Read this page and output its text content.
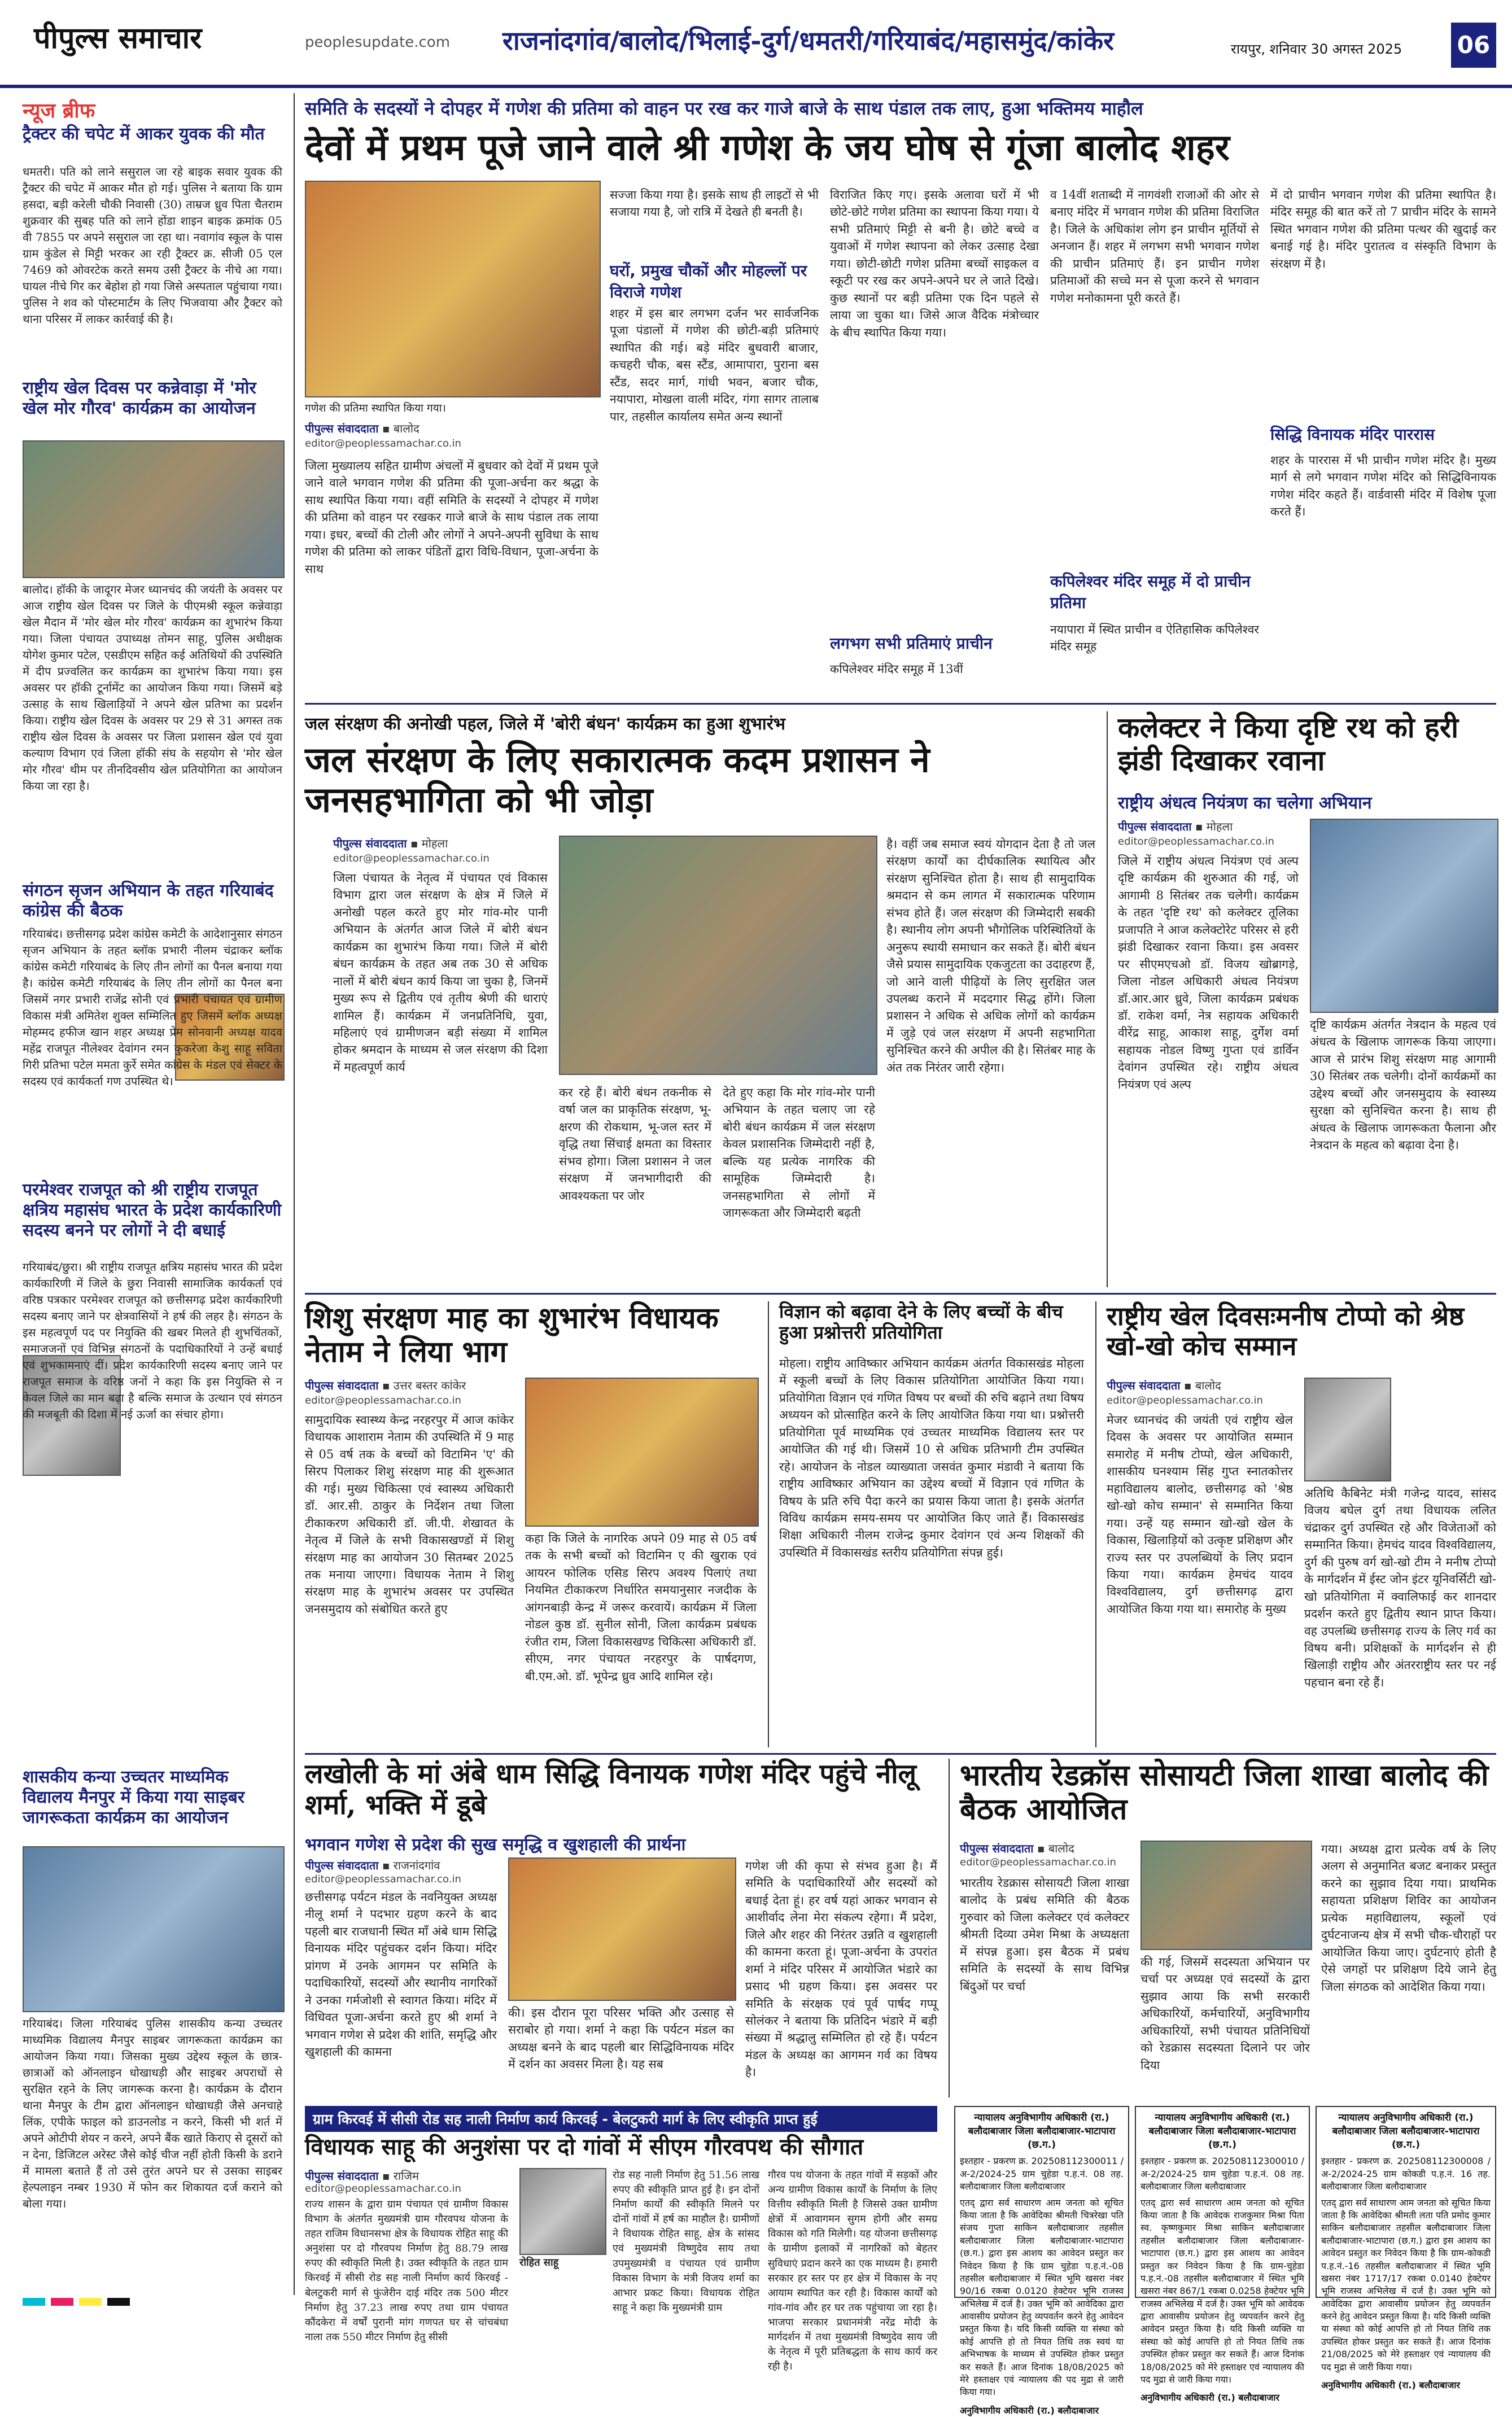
पीपुल्स समाचार	peoplesupdate.com राजनांदगांव/बालोद/भिलाई-दुर्ग/धमतरी/गरियाबंद/महासमुंद/कांकेर	रायपुर, शनिवार 30 अगस्त 2025 06
न्यूज ब्रीफ
ट्रैक्टर की चपेट में आकर युवक की मौत
धमतरी। पति को लाने ससुराल जा रहे बाइक सवार युवक की ट्रैक्टर की चपेट में आकर मौत हो गई। पुलिस ने बताया कि ग्राम हसदा, बड़ी करेली चौकी निवासी (30) ताम्रज ध्रुव पिता चैतराम शुक्रवार की सुबह पति को लाने होंडा शाइन बाइक क्रमांक 05 वी 7855 पर अपने ससुराल जा रहा था। नवागांव स्कूल के पास ग्राम कुंडेल से मिट्टी भरकर आ रही ट्रैक्टर क्र. सीजी 05 एल 7469 को ओवरटेक करते समय उसी ट्रैक्टर के नीचे आ गया। घायल नीचे गिर कर बेहोश हो गया जिसे अस्पताल पहुंचाया गया। पुलिस ने शव को पोस्टमार्टम के लिए भिजवाया और ट्रैक्टर को थाना परिसर में लाकर कार्रवाई की है।
राष्ट्रीय खेल दिवस पर कन्नेवाड़ा में 'मोर खेल मोर गौरव' कार्यक्रम का आयोजन
बालोद। हॉकी के जादूगर मेजर ध्यानचंद की जयंती के अवसर पर आज राष्ट्रीय खेल दिवस पर जिले के पीएमश्री स्कूल कन्नेवाड़ा खेल मैदान में 'मोर खेल मोर गौरव' कार्यक्रम का शुभारंभ किया गया। जिला पंचायत उपाध्यक्ष तोमन साहू, पुलिस अधीक्षक योगेश कुमार पटेल, एसडीएम सहित कई अतिथियों की उपस्थिति में दीप प्रज्वलित कर कार्यक्रम का शुभारंभ किया गया। इस अवसर पर हॉकी टूर्नामेंट का आयोजन किया गया। जिसमें बड़े उत्साह के साथ खिलाड़ियों ने अपने खेल प्रतिभा का प्रदर्शन किया। राष्ट्रीय खेल दिवस के अवसर पर 29 से 31 अगस्त तक राष्ट्रीय खेल दिवस के अवसर पर जिला प्रशासन खेल एवं युवा कल्याण विभाग एवं जिला हॉकी संघ के सहयोग से 'मोर खेल मोर गौरव' थीम पर तीनदिवसीय खेल प्रतियोगिता का आयोजन किया जा रहा है।
संगठन सृजन अभियान के तहत गरियाबंद कांग्रेस की बैठक
गरियाबंद। छत्तीसगढ़ प्रदेश कांग्रेस कमेटी के आदेशानुसार संगठन सृजन अभियान के तहत ब्लॉक प्रभारी नीलम चंद्राकर ब्लॉक कांग्रेस कमेटी गरियाबंद के लिए तीन लोगों का पैनल बनाया गया है। कांग्रेस कमेटी गरियाबंद के लिए तीन लोगों का पैनल बना जिसमें नगर प्रभारी राजेंद्र सोनी एवं प्रभारी पंचायत एवं ग्रामीण विकास मंत्री अमितेश शुक्ल सम्मिलित हुए जिसमें ब्लॉक अध्यक्ष मोहम्मद हफीज खान शहर अध्यक्ष प्रेम सोनवानी अध्यक्ष यादव महेंद्र राजपूत नीलेश्वर देवांगन रमन कुकरेजा केशु साहू सविता गिरी प्रतिभा पटेल ममता कुर्रे समेत कांग्रेस के मंडल एवं सेक्टर के सदस्य एवं कार्यकर्ता गण उपस्थित थे।
परमेश्वर राजपूत को श्री राष्ट्रीय राजपूत क्षत्रिय महासंघ भारत के प्रदेश कार्यकारिणी सदस्य बनने पर लोगों ने दी बधाई
गरियाबंद/छुरा। श्री राष्ट्रीय राजपूत क्षत्रिय महासंघ भारत की प्रदेश कार्यकारिणी में जिले के छुरा निवासी सामाजिक कार्यकर्ता एवं वरिष्ठ पत्रकार परमेश्वर राजपूत को छत्तीसगढ़ प्रदेश कार्यकारिणी सदस्य बनाए जाने पर क्षेत्रवासियों ने हर्ष की लहर है। संगठन के इस महत्वपूर्ण पद पर नियुक्ति की खबर मिलते ही शुभचिंतकों, समाजजनों एवं विभिन्न संगठनों के पदाधिकारियों ने उन्हें बधाई एवं शुभकामनाएं दीं। प्रदेश कार्यकारिणी सदस्य बनाए जाने पर राजपूत समाज के वरिष्ठ जनों ने कहा कि इस नियुक्ति से न केवल जिले का मान बढ़ा है बल्कि समाज के उत्थान एवं संगठन की मजबूती की दिशा में नई ऊर्जा का संचार होगा।
शासकीय कन्या उच्चतर माध्यमिक विद्यालय मैनपुर में किया गया साइबर जागरूकता कार्यक्रम का आयोजन
गरियाबंद। जिला गरियाबंद पुलिस शासकीय कन्या उच्चतर माध्यमिक विद्यालय मैनपुर साइबर जागरूकता कार्यक्रम का आयोजन किया गया। जिसका मुख्य उद्देश्य स्कूल के छात्र-छात्राओं को ऑनलाइन धोखाधड़ी और साइबर अपराधों से सुरक्षित रहने के लिए जागरूक करना है। कार्यक्रम के दौरान थाना मैनपुर के टीम द्वारा ऑनलाइन धोखाधड़ी जैसे अनचाहे लिंक, एपीके फाइल को डाउनलोड न करने, किसी भी शर्त में अपने ओटीपी शेयर न करने, अपने बैंक खाते किराए से दूसरों को न देना, डिजिटल अरेस्ट जैसे कोई चीज नहीं होती किसी के डराने में मामला बताते हैं तो उसे तुरंत अपने घर से उसका साइबर हेल्पलाइन नम्बर 1930 में फोन कर शिकायत दर्ज कराने को बोला गया।
समिति के सदस्यों ने दोपहर में गणेश की प्रतिमा को वाहन पर रख कर गाजे बाजे के साथ पंडाल तक लाए, हुआ भक्तिमय माहौल
देवों में प्रथम पूजे जाने वाले श्री गणेश के जय घोष से गूंजा बालोद शहर
गणेश की प्रतिमा स्थापित किया गया।
पीपुल्स संवाददाता ▪ बालोद
editor@peoplessamachar.co.in
जिला मुख्यालय सहित ग्रामीण अंचलों में बुधवार को देवों में प्रथम पूजे जाने वाले भगवान गणेश की प्रतिमा की पूजा-अर्चना कर श्रद्धा के साथ स्थापित किया गया। वहीं समिति के सदस्यों ने दोपहर में गणेश की प्रतिमा को वाहन पर रखकर गाजे बाजे के साथ पंडाल तक लाया गया। इधर, बच्चों की टोली और लोगों ने अपने-अपनी सुविधा के साथ गणेश की प्रतिमा को लाकर पंडितों द्वारा विधि-विधान, पूजा-अर्चना के साथ
सज्जा किया गया है। इसके साथ ही लाइटों से भी सजाया गया है, जो रात्रि में देखते ही बनती है।
घरों, प्रमुख चौकों और मोहल्लों पर विराजे गणेश
शहर में इस बार लगभग दर्जन भर सार्वजनिक पूजा पंडालों में गणेश की छोटी-बड़ी प्रतिमाएं स्थापित की गई। बड़े मंदिर बुधवारी बाजार, कचहरी चौक, बस स्टैंड, आमापारा, पुराना बस स्टैंड, सदर मार्ग, गांधी भवन, बजार चौक, नयापारा, मोखला वाली मंदिर, गंगा सागर तालाब पार, तहसील कार्यालय समेत अन्य स्थानों
विराजित किए गए। इसके अलावा घरों में भी छोटे-छोटे गणेश प्रतिमा का स्थापना किया गया। ये सभी प्रतिमाएं मिट्टी से बनी है। छोटे बच्चे व युवाओं में गणेश स्थापना को लेकर उत्साह देखा गया। छोटी-छोटी गणेश प्रतिमा बच्चों साइकल व स्कूटी पर रख कर अपने-अपने घर ले जाते दिखे। कुछ स्थानों पर बड़ी प्रतिमा एक दिन पहले से लाया जा चुका था। जिसे आज वैदिक मंत्रोच्चार के बीच स्थापित किया गया।
लगभग सभी प्रतिमाएं प्राचीन
कपिलेश्वर मंदिर समूह में 13वीं
व 14वीं शताब्दी में नागवंशी राजाओं की ओर से बनाए मंदिर में भगवान गणेश की प्रतिमा विराजित है। जिले के अधिकांश लोग इन प्राचीन मूर्तियों से अनजान हैं। शहर में लगभग सभी भगवान गणेश की प्राचीन प्रतिमाएं हैं। इन प्राचीन गणेश प्रतिमाओं की सच्चे मन से पूजा करने से भगवान गणेश मनोकामना पूरी करते हैं।
कपिलेश्वर मंदिर समूह में दो प्राचीन प्रतिमा
नयापारा में स्थित प्राचीन व ऐतिहासिक कपिलेश्वर मंदिर समूह
में दो प्राचीन भगवान गणेश की प्रतिमा स्थापित है। मंदिर समूह की बात करें तो 7 प्राचीन मंदिर के सामने स्थित भगवान गणेश की प्रतिमा पत्थर की खुदाई कर बनाई गई है। मंदिर पुरातत्व व संस्कृति विभाग के संरक्षण में है।
सिद्धि विनायक मंदिर पाररास
शहर के पाररास में भी प्राचीन गणेश मंदिर है। मुख्य मार्ग से लगे भगवान गणेश मंदिर को सिद्धिविनायक गणेश मंदिर कहते हैं। वार्डवासी मंदिर में विशेष पूजा करते हैं।
जल संरक्षण की अनोखी पहल, जिले में 'बोरी बंधन' कार्यक्रम का हुआ शुभारंभ
जल संरक्षण के लिए सकारात्मक कदम प्रशासन ने जनसहभागिता को भी जोड़ा
पीपुल्स संवाददाता ▪ मोहला
editor@peoplessamachar.co.in
जिला पंचायत के नेतृत्व में पंचायत एवं विकास विभाग द्वारा जल संरक्षण के क्षेत्र में जिले में अनोखी पहल करते हुए मोर गांव-मोर पानी अभियान के अंतर्गत आज जिले में बोरी बंधन कार्यक्रम का शुभारंभ किया गया। जिले में बोरी बंधन कार्यक्रम के तहत अब तक 30 से अधिक नालों में बोरी बंधन कार्य किया जा चुका है, जिनमें मुख्य रूप से द्वितीय एवं तृतीय श्रेणी की धाराएं शामिल हैं। कार्यक्रम में जनप्रतिनिधि, युवा, महिलाएं एवं ग्रामीणजन बड़ी संख्या में शामिल होकर श्रमदान के माध्यम से जल संरक्षण की दिशा में महत्वपूर्ण कार्य
कर रहे हैं। बोरी बंधन तकनीक से वर्षा जल का प्राकृतिक संरक्षण, भू-क्षरण की रोकथाम, भू-जल स्तर में वृद्धि तथा सिंचाई क्षमता का विस्तार संभव होगा। जिला प्रशासन ने जल संरक्षण में जनभागीदारी की आवश्यकता पर जोर
देते हुए कहा कि मोर गांव-मोर पानी अभियान के तहत चलाए जा रहे बोरी बंधन कार्यक्रम में जल संरक्षण केवल प्रशासनिक जिम्मेदारी नहीं है, बल्कि यह प्रत्येक नागरिक की सामूहिक जिम्मेदारी है। जनसहभागिता से लोगों में जागरूकता और जिम्मेदारी बढ़ती
है। वहीं जब समाज स्वयं योगदान देता है तो जल संरक्षण कार्यों का दीर्घकालिक स्थायित्व और संरक्षण सुनिश्चित होता है। साथ ही सामुदायिक श्रमदान से कम लागत में सकारात्मक परिणाम संभव होते हैं। जल संरक्षण की जिम्मेदारी सबकी है। स्थानीय लोग अपनी भौगोलिक परिस्थितियों के अनुरूप स्थायी समाधान कर सकते हैं। बोरी बंधन जैसे प्रयास सामुदायिक एकजुटता का उदाहरण हैं, जो आने वाली पीढ़ियों के लिए सुरक्षित जल उपलब्ध कराने में मददगार सिद्ध होंगे। जिला प्रशासन ने अधिक से अधिक लोगों को कार्यक्रम में जुड़े एवं जल संरक्षण में अपनी सहभागिता सुनिश्चित करने की अपील की है। सितंबर माह के अंत तक निरंतर जारी रहेगा।
कलेक्टर ने किया दृष्टि रथ को हरी झंडी दिखाकर रवाना
राष्ट्रीय अंधत्व नियंत्रण का चलेगा अभियान
पीपुल्स संवाददाता ▪ मोहला
editor@peoplessamachar.co.in
जिले में राष्ट्रीय अंधत्व नियंत्रण एवं अल्प दृष्टि कार्यक्रम की शुरुआत की गई, जो आगामी 8 सितंबर तक चलेगी। कार्यक्रम के तहत 'दृष्टि रथ' को कलेक्टर तूलिका प्रजापति ने आज कलेक्टोरेट परिसर से हरी झंडी दिखाकर रवाना किया। इस अवसर पर सीएमएचओ डॉ. विजय खोब्रागड़े, जिला नोडल अधिकारी अंधत्व नियंत्रण डॉ.आर.आर ध्रुवे, जिला कार्यक्रम प्रबंधक डॉ. राकेश वर्मा, नेत्र सहायक अधिकारी वीरेंद्र साहू, आकाश साहू, दुर्गेश वर्मा सहायक नोडल विष्णु गुप्ता एवं डार्विन देवांगन उपस्थित रहे। राष्ट्रीय अंधत्व नियंत्रण एवं अल्प
दृष्टि कार्यक्रम अंतर्गत नेत्रदान के महत्व एवं अंधत्व के खिलाफ जागरूक किया जाएगा। आज से प्रारंभ शिशु संरक्षण माह आगामी 30 सितंबर तक चलेगी। दोनों कार्यक्रमों का उद्देश्य बच्चों और जनसमुदाय के स्वास्थ्य सुरक्षा को सुनिश्चित करना है। साथ ही अंधत्व के खिलाफ जागरूकता फैलाना और नेत्रदान के महत्व को बढ़ावा देना है।
शिशु संरक्षण माह का शुभारंभ विधायक नेताम ने लिया भाग
पीपुल्स संवाददाता ▪ उत्तर बस्तर कांकेर
editor@peoplessamachar.co.in
सामुदायिक स्वास्थ्य केन्द्र नरहरपुर में आज कांकेर विधायक आशाराम नेताम की उपस्थिति में 9 माह से 05 वर्ष तक के बच्चों को विटामिन 'ए' की सिरप पिलाकर शिशु संरक्षण माह की शुरूआत की गई। मुख्य चिकित्सा एवं स्वास्थ्य अधिकारी डॉ. आर.सी. ठाकुर के निर्देशन तथा जिला टीकाकरण अधिकारी डॉ. जी.पी. शेखावत के नेतृत्व में जिले के सभी विकासखण्डों में शिशु संरक्षण माह का आयोजन 30 सितम्बर 2025 तक मनाया जाएगा। विधायक नेताम ने शिशु संरक्षण माह के शुभारंभ अवसर पर उपस्थित जनसमुदाय को संबोधित करते हुए
कहा कि जिले के नागरिक अपने 09 माह से 05 वर्ष तक के सभी बच्चों को विटामिन ए की खुराक एवं आयरन फोलिक एसिड सिरप अवश्य पिलाएं तथा नियमित टीकाकरण निर्धारित समयानुसार नजदीक के आंगनबाड़ी केन्द्र में जरूर करवायें। कार्यक्रम में जिला नोडल कुष्ठ डॉ. सुनील सोनी, जिला कार्यक्रम प्रबंधक रंजीत राम, जिला विकासखण्ड चिकित्सा अधिकारी डॉ. सीएम, नगर पंचायत नरहरपुर के पार्षदगण, बी.एम.ओ. डॉ. भूपेन्द्र ध्रुव आदि शामिल रहे।
विज्ञान को बढ़ावा देने के लिए बच्चों के बीच हुआ प्रश्नोत्तरी प्रतियोगिता
मोहला। राष्ट्रीय आविष्कार अभियान कार्यक्रम अंतर्गत विकासखंड मोहला में स्कूली बच्चों के लिए विकास प्रतियोगिता आयोजित किया गया। प्रतियोगिता विज्ञान एवं गणित विषय पर बच्चों की रुचि बढ़ाने तथा विषय अध्ययन को प्रोत्साहित करने के लिए आयोजित किया गया था। प्रश्नोत्तरी प्रतियोगिता पूर्व माध्यमिक एवं उच्चतर माध्यमिक विद्यालय स्तर पर आयोजित की गई थी। जिसमें 10 से अधिक प्रतिभागी टीम उपस्थित रहे। आयोजन के नोडल व्याख्याता जसवंत कुमार मंडावी ने बताया कि राष्ट्रीय आविष्कार अभियान का उद्देश्य बच्चों में विज्ञान एवं गणित के विषय के प्रति रुचि पैदा करने का प्रयास किया जाता है। इसके अंतर्गत विविध कार्यक्रम समय-समय पर आयोजित किए जाते हैं। विकासखंड शिक्षा अधिकारी नीलम राजेन्द्र कुमार देवांगन एवं अन्य शिक्षकों की उपस्थिति में विकासखंड स्तरीय प्रतियोगिता संपन्न हुई।
राष्ट्रीय खेल दिवसःमनीष टोप्पो को श्रेष्ठ खो-खो कोच सम्मान
पीपुल्स संवाददाता ▪ बालोद
editor@peoplessamachar.co.in
मेजर ध्यानचंद की जयंती एवं राष्ट्रीय खेल दिवस के अवसर पर आयोजित सम्मान समारोह में मनीष टोप्पो, खेल अधिकारी, शासकीय घनश्याम सिंह गुप्त स्नातकोत्तर महाविद्यालय बालोद, छत्तीसगढ़ को 'श्रेष्ठ खो-खो कोच सम्मान' से सम्मानित किया गया। उन्हें यह सम्मान खो-खो खेल के विकास, खिलाड़ियों को उत्कृष्ट प्रशिक्षण और राज्य स्तर पर उपलब्धियों के लिए प्रदान किया गया। कार्यक्रम हेमचंद यादव विश्वविद्यालय, दुर्ग छत्तीसगढ़ द्वारा आयोजित किया गया था। समारोह के मुख्य
अतिथि कैबिनेट मंत्री गजेन्द्र यादव, सांसद विजय बघेल दुर्ग तथा विधायक ललित चंद्राकर दुर्ग उपस्थित रहे और विजेताओं को सम्मानित किया। हेमचंद यादव विश्वविद्यालय, दुर्ग की पुरुष वर्ग खो-खो टीम ने मनीष टोप्पो के मार्गदर्शन में ईस्ट जोन इंटर यूनिवर्सिटी खो-खो प्रतियोगिता में क्वालिफाई कर शानदार प्रदर्शन करते हुए द्वितीय स्थान प्राप्त किया। वह उपलब्धि छत्तीसगढ़ राज्य के लिए गर्व का विषय बनी। प्रशिक्षकों के मार्गदर्शन से ही खिलाड़ी राष्ट्रीय और अंतरराष्ट्रीय स्तर पर नई पहचान बना रहे हैं।
लखोली के मां अंबे धाम सिद्धि विनायक गणेश मंदिर पहुंचे नीलू शर्मा, भक्ति में डूबे
भगवान गणेश से प्रदेश की सुख समृद्धि व खुशहाली की प्रार्थना
पीपुल्स संवाददाता ▪ राजनांदगांव
editor@peoplessamachar.co.in
छत्तीसगढ़ पर्यटन मंडल के नवनियुक्त अध्यक्ष नीलू शर्मा ने पदभार ग्रहण करने के बाद पहली बार राजधानी स्थित माँ अंबे धाम सिद्धि विनायक मंदिर पहुंचकर दर्शन किया। मंदिर प्रांगण में उनके आगमन पर समिति के पदाधिकारियों, सदस्यों और स्थानीय नागरिकों ने उनका गर्मजोशी से स्वागत किया। मंदिर में विधिवत पूजा-अर्चना करते हुए श्री शर्मा ने भगवान गणेश से प्रदेश की शांति, समृद्धि और खुशहाली की कामना
की। इस दौरान पूरा परिसर भक्ति और उत्साह से सराबोर हो गया। शर्मा ने कहा कि पर्यटन मंडल का अध्यक्ष बनने के बाद पहली बार सिद्धिविनायक मंदिर में दर्शन का अवसर मिला है। यह सब
गणेश जी की कृपा से संभव हुआ है। मैं समिति के पदाधिकारियों और सदस्यों को बधाई देता हूं। हर वर्ष यहां आकर भगवान से आशीर्वाद लेना मेरा संकल्प रहेगा। मैं प्रदेश, जिले और शहर की निरंतर उन्नति व खुशहाली की कामना करता हूं। पूजा-अर्चना के उपरांत शर्मा ने मंदिर परिसर में आयोजित भंडारे का प्रसाद भी ग्रहण किया। इस अवसर पर समिति के संरक्षक एवं पूर्व पार्षद गप्पू सोलंकर ने बताया कि प्रतिदिन भंडारे में बड़ी संख्या में श्रद्धालु सम्मिलित हो रहे हैं। पर्यटन मंडल के अध्यक्ष का आगमन गर्व का विषय है।
भारतीय रेडक्रॉस सोसायटी जिला शाखा बालोद की बैठक आयोजित
पीपुल्स संवाददाता ▪ बालोद
editor@peoplessamachar.co.in
भारतीय रेडक्रास सोसायटी जिला शाखा बालोद के प्रबंध समिति की बैठक गुरुवार को जिला कलेक्टर एवं कलेक्टर श्रीमती दिव्या उमेश मिश्रा के अध्यक्षता में संपन्न हुआ। इस बैठक में प्रबंध समिति के सदस्यों के साथ विभिन्न बिंदुओं पर चर्चा
की गई, जिसमें सदस्यता अभियान पर चर्चा पर अध्यक्ष एवं सदस्यों के द्वारा सुझाव आया कि सभी सरकारी अधिकारियों, कर्मचारियों, अनुविभागीय अधिकारियों, सभी पंचायत प्रतिनिधियों को रेडक्रास सदस्यता दिलाने पर जोर दिया
गया। अध्यक्ष द्वारा प्रत्येक वर्ष के लिए अलग से अनुमानित बजट बनाकर प्रस्तुत करने का सुझाव दिया गया। प्राथमिक सहायता प्रशिक्षण शिविर का आयोजन प्रत्येक महाविद्यालय, स्कूलों एवं दुर्घटनाजन्य क्षेत्र में सभी चौक-चौराहों पर आयोजित किया जाए। दुर्घटनाएं होती है ऐसे जगहों पर प्रशिक्षण दिये जाने हेतु जिला संगठक को आदेशित किया गया।
ग्राम किरवई में सीसी रोड सह नाली निर्माण कार्य किरवई - बेलटुकरी मार्ग के लिए स्वीकृति प्राप्त हुई
विधायक साहू की अनुशंसा पर दो गांवों में सीएम गौरवपथ की सौगात
पीपुल्स संवाददाता ▪ राजिम
editor@peoplessamachar.co.in
राज्य शासन के द्वारा ग्राम पंचायत एवं ग्रामीण विकास विभाग के अंतर्गत मुख्यमंत्री ग्राम गौरवपथ योजना के तहत राजिम विधानसभा क्षेत्र के विधायक रोहित साहू की अनुशंसा पर दो गौरवपथ निर्माण हेतु 88.79 लाख रुपए की स्वीकृति मिली है। उक्त स्वीकृति के तहत ग्राम किरवई में सीसी रोड सह नाली निर्माण कार्य किरवई - बेलटुकरी मार्ग से फुंजेरीन दाई मंदिर तक 500 मीटर निर्माण हेतु 37.23 लाख रुपए तथा ग्राम पंचायत कौंदकेरा में वर्षों पुरानी मांग गणपत घर से चांचबंधा नाला तक 550 मीटर निर्माण हेतु सीसी
रोहित साहू
रोड सह नाली निर्माण हेतु 51.56 लाख रुपए की स्वीकृति प्राप्त हुई है। इन दोनों निर्माण कार्यों की स्वीकृति मिलने पर दोनों गांवों में हर्ष का माहौल है। ग्रामीणों ने विधायक रोहित साहू, क्षेत्र के सांसद एवं मुख्यमंत्री विष्णुदेव साय तथा उपमुख्यमंत्री व पंचायत एवं ग्रामीण विकास विभाग के मंत्री विजय शर्मा का आभार प्रकट किया। विधायक रोहित साहू ने कहा कि मुख्यमंत्री ग्राम
गौरव पथ योजना के तहत गांवों में सड़कों और अन्य ग्रामीण विकास कार्यों के निर्माण के लिए वित्तीय स्वीकृति मिली है जिससे उक्त ग्रामीण क्षेत्रों में आवागमन सुगम होगी और समग्र विकास को गति मिलेगी। यह योजना छत्तीसगढ़ के ग्रामीण इलाकों में नागरिकों को बेहतर सुविधाएं प्रदान करने का एक माध्यम है। हमारी सरकार हर स्तर पर हर क्षेत्र में विकास के नए आयाम स्थापित कर रही है। विकास कार्यों को गांव-गांव और हर घर तक पहुंचाया जा रहा है। भाजपा सरकार प्रधानमंत्री नरेंद्र मोदी के मार्गदर्शन में तथा मुख्यमंत्री विष्णुदेव साय जी के नेतृत्व में पूरी प्रतिबद्धता के साथ कार्य कर रही है।
न्यायालय अनुविभागीय अधिकारी (रा.) बलौदाबाजार जिला बलौदाबाजार-भाटापारा (छ.ग.)
इश्तहार - प्रकरण क्र. 202508112300011 / अ-2/2024-25 ग्राम चुहेडा प.ह.नं. 08 तह. बलौदाबाजार जिला बलौदाबाजार
एतद् द्वारा सर्व साधारण आम जनता को सूचित किया जाता है कि आवेदिका श्रीमती चित्ररेखा पति संजय गुप्ता साकिन बलौदाबाजार तहसील बलौदाबाजार जिला बलौदाबाजार-भाटापारा (छ.ग.) द्वारा इस आशय का आवेदन प्रस्तुत कर निवेदन किया है कि ग्राम चुहेडा प.ह.नं.-08 तहसील बलौदाबाजार में स्थित भूमि खसरा नंबर 90/16 रकबा 0.0120 हेक्टेयर भूमि राजस्व अभिलेख में दर्ज है। उक्त भूमि को आवेदिका द्वारा आवासीय प्रयोजन हेतु व्यपवर्तन करने हेतु आवेदन प्रस्तुत किया है। यदि किसी व्यक्ति या संस्था को कोई आपत्ति हो तो नियत तिथि तक स्वयं या अभिभाषक के माध्यम से उपस्थित होकर प्रस्तुत कर सकते हैं। आज दिनांक 18/08/2025 को मेरे हस्ताक्षर एवं न्यायालय की पद मुद्रा से जारी किया गया।
अनुविभागीय अधिकारी (रा.) बलौदाबाजार
न्यायालय अनुविभागीय अधिकारी (रा.) बलौदाबाजार जिला बलौदाबाजार-भाटापारा (छ.ग.)
इश्तहार - प्रकरण क्र. 202508112300010 / अ-2/2024-25 ग्राम चुहेडा प.ह.नं. 08 तह. बलौदाबाजार जिला बलौदाबाजार
एतद् द्वारा सर्व साधारण आम जनता को सूचित किया जाता है कि आवेदक राजकुमार मिश्रा पिता स्व. कृष्णकुमार मिश्रा साकिन बलौदाबाजार तहसील बलौदाबाजार जिला बलौदाबाजार-भाटापारा (छ.ग.) द्वारा इस आशय का आवेदन प्रस्तुत कर निवेदन किया है कि ग्राम-चुहेडा प.ह.नं.-08 तहसील बलौदाबाजार में स्थित भूमि खसरा नंबर 867/1 रकबा 0.0258 हेक्टेयर भूमि राजस्व अभिलेख में दर्ज है। उक्त भूमि को आवेदक द्वारा आवासीय प्रयोजन हेतु व्यपवर्तन करने हेतु आवेदन प्रस्तुत किया है। यदि किसी व्यक्ति या संस्था को कोई आपत्ति हो तो नियत तिथि तक उपस्थित होकर प्रस्तुत कर सकते हैं। आज दिनांक 18/08/2025 को मेरे हस्ताक्षर एवं न्यायालय की पद मुद्रा से जारी किया गया।
अनुविभागीय अधिकारी (रा.) बलौदाबाजार
न्यायालय अनुविभागीय अधिकारी (रा.) बलौदाबाजार जिला बलौदाबाजार-भाटापारा (छ.ग.)
इश्तहार - प्रकरण क्र. 202508112300008 / अ-2/2024-25 ग्राम कोकडी प.ह.नं. 16 तह. बलौदाबाजार जिला बलौदाबाजार
एतद् द्वारा सर्व साधारण आम जनता को सूचित किया जाता है कि आवेदिका श्रीमती लता पति प्रमोद कुमार साकिन बलौदाबाजार तहसील बलौदाबाजार जिला बलौदाबाजार-भाटापारा (छ.ग.) द्वारा इस आशय का आवेदन प्रस्तुत कर निवेदन किया है कि ग्राम-कोकडी प.ह.नं.-16 तहसील बलौदाबाजार में स्थित भूमि खसरा नंबर 1717/17 रकबा 0.0140 हेक्टेयर भूमि राजस्व अभिलेख में दर्ज है। उक्त भूमि को आवेदिका द्वारा आवासीय प्रयोजन हेतु व्यपवर्तन करने हेतु आवेदन प्रस्तुत किया है। यदि किसी व्यक्ति या संस्था को कोई आपत्ति हो तो नियत तिथि तक उपस्थित होकर प्रस्तुत कर सकते हैं। आज दिनांक 21/08/2025 को मेरे हस्ताक्षर एवं न्यायालय की पद मुद्रा से जारी किया गया।
अनुविभागीय अधिकारी (रा.) बलौदाबाजार
